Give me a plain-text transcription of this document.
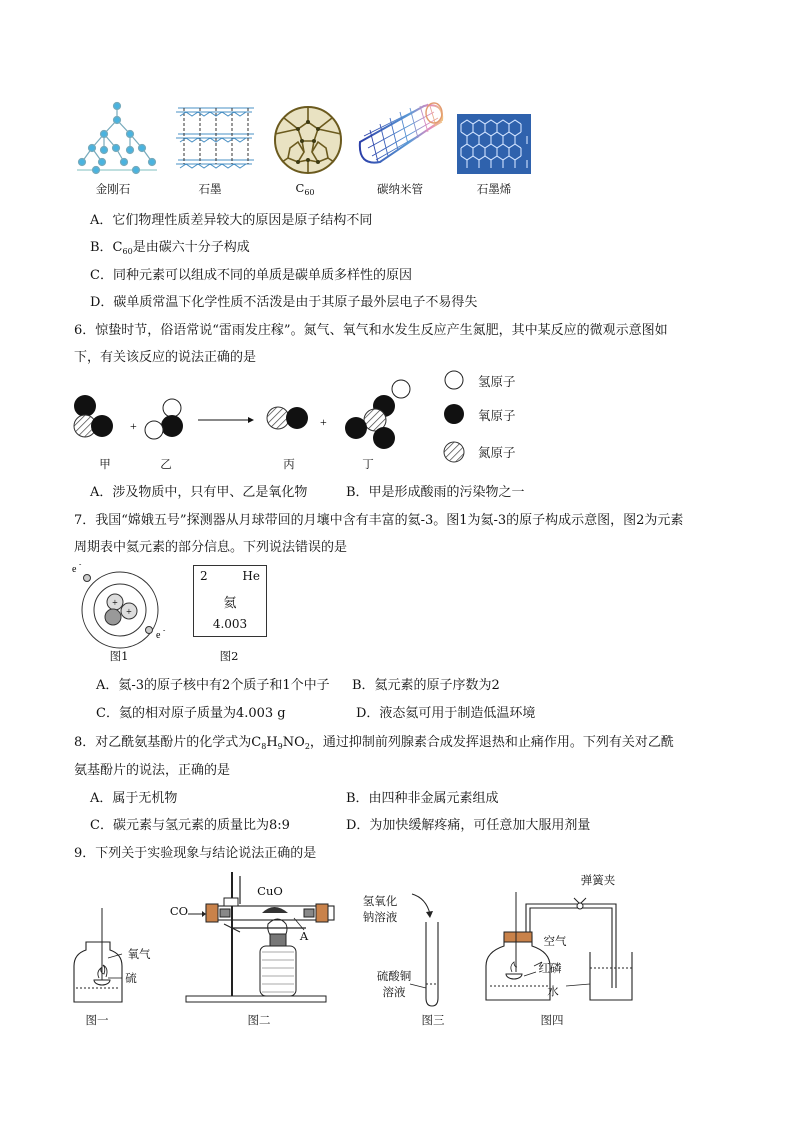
金刚石	石墨	$C_{60}$	碳纳米管	石墨烯
A．它们物理性质差异较大的原因是原子结构不同
B．$C_{60}$是由碳六十分子构成
C．同种元素可以组成不同的单质是碳单质多样性的原因
D．碳单质常温下化学性质不活泼是由于其原子最外层电子不易得失
6．惊蛰时节，俗语常说“雷雨发庄稼”。氮气、氧气和水发生反应产生氮肥，其中某反应的微观示意图如
下，有关该反应的说法正确的是
+	+
氢原子
氧原子
氮原子
甲	乙	丙	丁
A．涉及物质中，只有甲、乙是氧化物	B．甲是形成酸雨的污染物之一
7．我国“嫦娥五号”探测器从月球带回的月壤中含有丰富的氦-3。图1为氦-3的原子构成示意图，图2为元素
周期表中氦元素的部分信息。下列说法错误的是
+
+
e -
e -
2	He
氦
4.003
图1	图2
A．氦-3的原子核中有2个质子和1个中子 B．氦元素的原子序数为2
C．氦的相对原子质量为4.003 g	D．液态氦可用于制造低温环境
8．对乙酰氨基酚片的化学式为$C_8H_9NO_2$，通过抑制前列腺素合成发挥退热和止痛作用。下列有关对乙酰
氨基酚片的说法，正确的是
A．属于无机物	B．由四种非金属元素组成
C．碳元素与氢元素的质量比为8:9	D．为加快缓解疼痛，可任意加大服用剂量
9．下列关于实验现象与结论说法正确的是
氧气
硫
图一
CO
CuO
A
图二
氢氧化
钠溶液
硫酸铜
溶液
图三
弹簧夹
空气
红磷
水
图四
